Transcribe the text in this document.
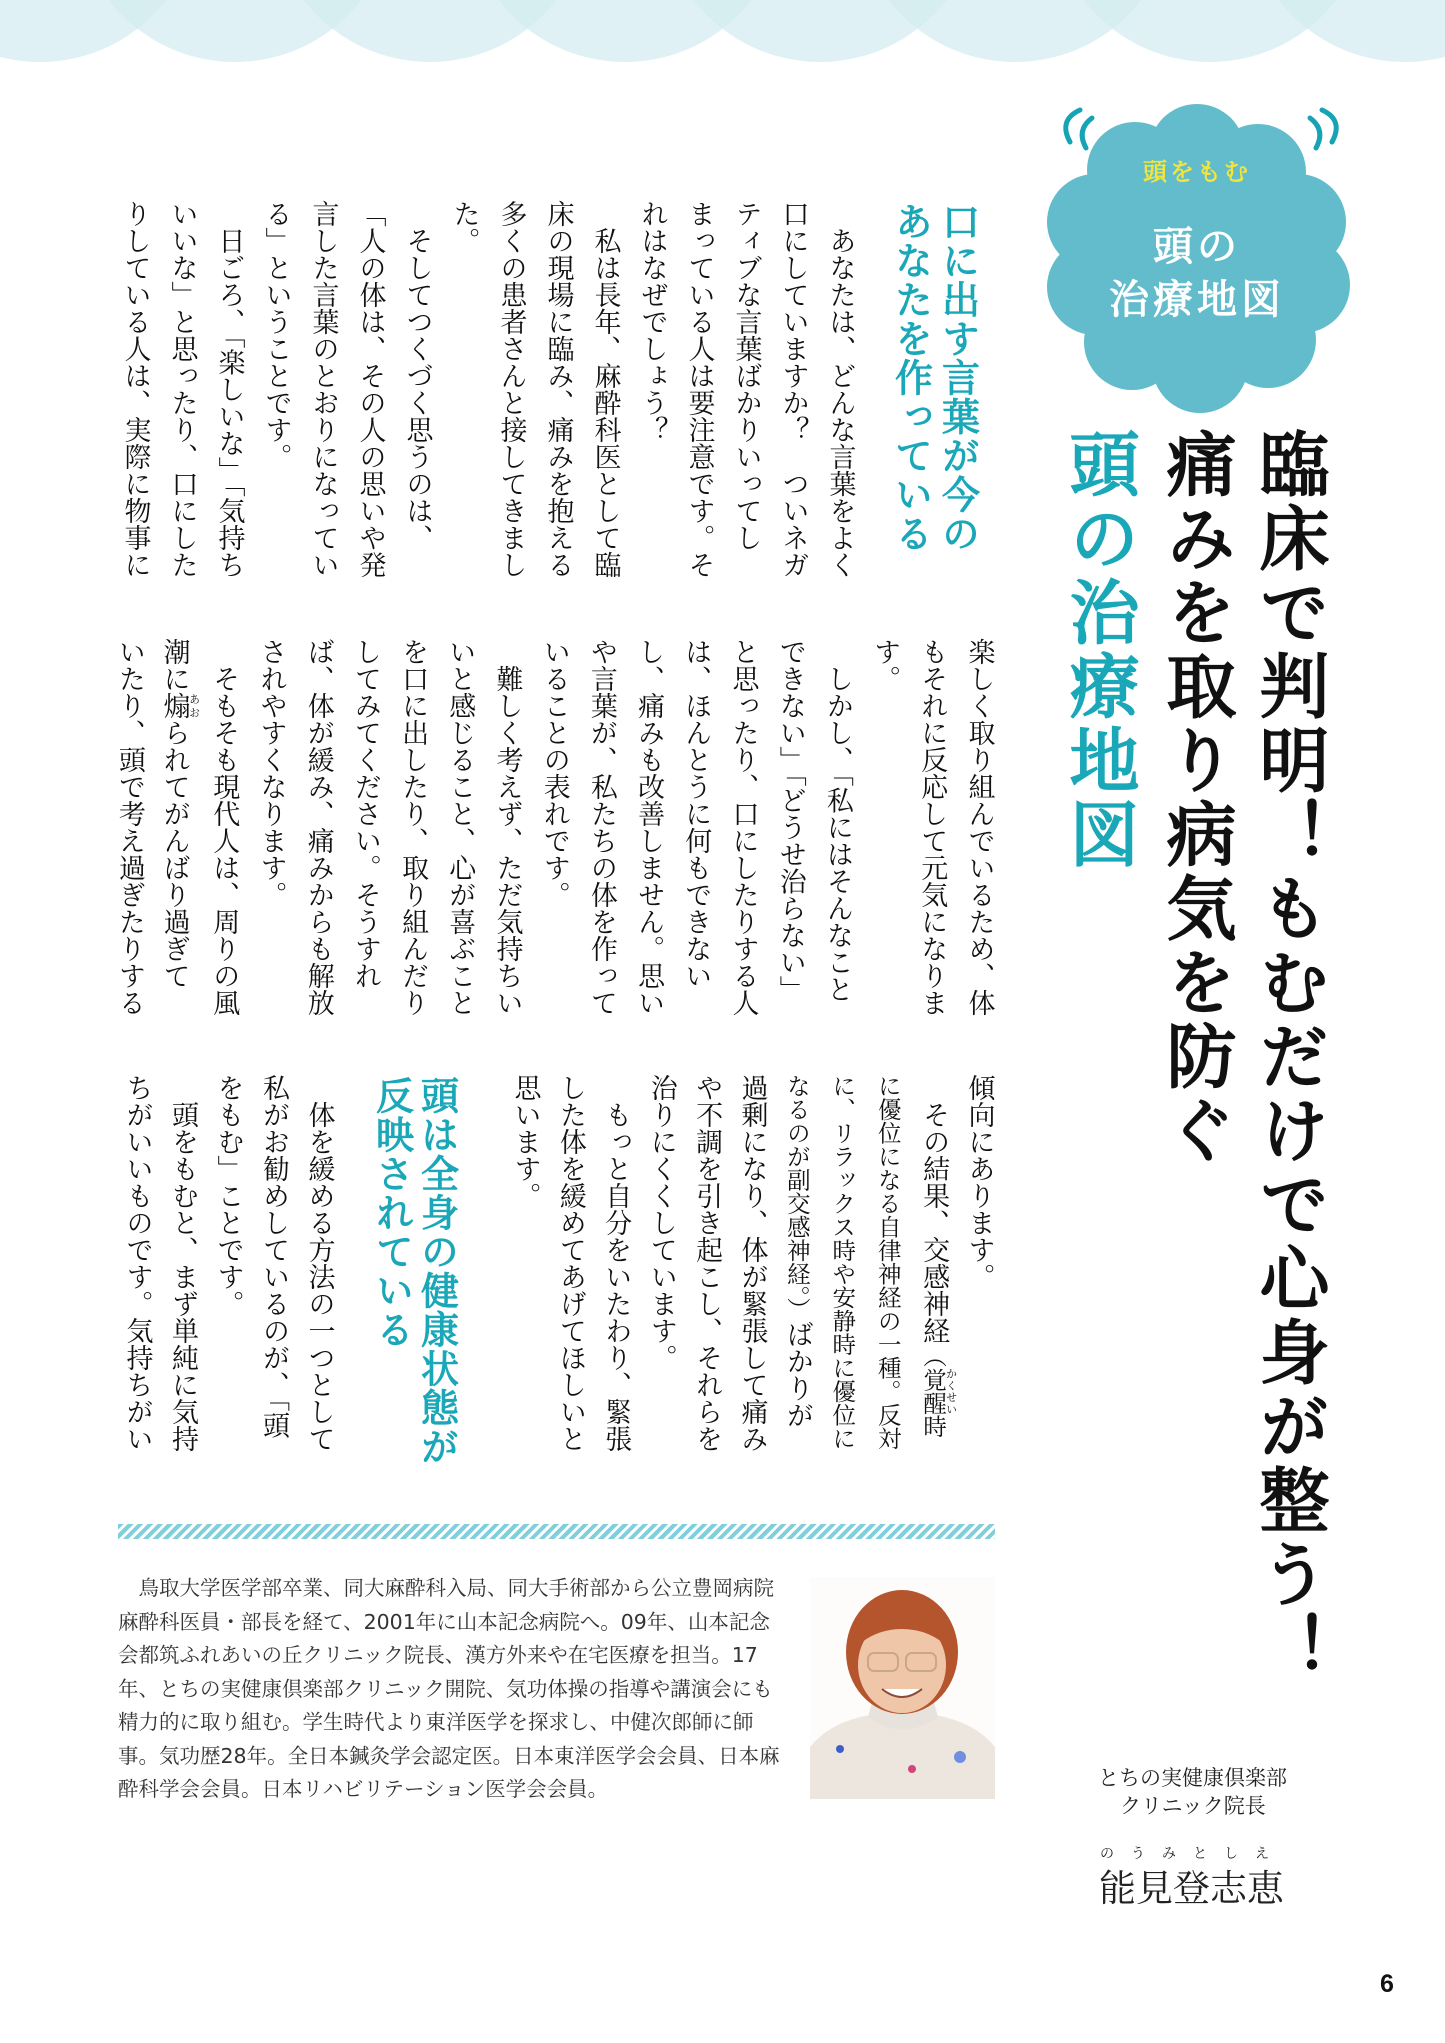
頭をもむ
頭の
治療地図
臨床で判明！もむだけで心身が整う！
痛みを取り病気を防ぐ
頭の治療地図
口に出す言葉が今の
あなたを作っている
　あなたは、どんな言葉をよく
口にしていますか？　ついネガ
ティブな言葉ばかりいってし
まっている人は要注意です。そ
れはなぜでしょう？
　私は長年、麻酔科医として臨
床の現場に臨み、痛みを抱える
多くの患者さんと接してきまし
た。
　そしてつくづく思うのは、
「人の体は、その人の思いや発
言した言葉のとおりになってい
る」ということです。
　日ごろ、「楽しいな」「気持ち
いいな」と思ったり、口にした
りしている人は、実際に物事に
楽しく取り組んでいるため、体
もそれに反応して元気になりま
す。
　しかし、「私にはそんなこと
できない」「どうせ治らない」
と思ったり、口にしたりする人
は、ほんとうに何もできない
し、痛みも改善しません。思い
や言葉が、私たちの体を作って
いることの表れです。
　難しく考えず、ただ気持ちい
いと感じること、心が喜ぶこと
を口に出したり、取り組んだり
してみてください。そうすれ
ば、体が緩み、痛みからも解放
されやすくなります。
　そもそも現代人は、周りの風
潮に煽あおられてがんばり過ぎて
いたり、頭で考え過ぎたりする
傾向にあります。
　その結果、交感神経（覚醒かくせい時
に優位になる自律神経の一種。反対
に、リラックス時や安静時に優位に
なるのが副交感神経。）ばかりが
過剰になり、体が緊張して痛み
や不調を引き起こし、それらを
治りにくくしています。
　もっと自分をいたわり、緊張
した体を緩めてあげてほしいと
思います。
頭は全身の健康状態が
反映されている
　体を緩める方法の一つとして
私がお勧めしているのが、「頭
をもむ」ことです。
　頭をもむと、まず単純に気持
ちがいいものです。気持ちがい
　鳥取大学医学部卒業、同大麻酔科入局、同大手術部から公立豊岡病院
麻酔科医員・部長を経て、2001年に山本記念病院へ。09年、山本記念
会都筑ふれあいの丘クリニック院長、漢方外来や在宅医療を担当。17
年、とちの実健康倶楽部クリニック開院、気功体操の指導や講演会にも
精力的に取り組む。学生時代より東洋医学を探求し、中健次郎師に師
事。気功歴28年。全日本鍼灸学会認定医。日本東洋医学会会員、日本麻
酔科学会会員。日本リハビリテーション医学会会員。	とちの実健康倶楽部
クリニック院長
のうみとしえ
能見登志恵
6
